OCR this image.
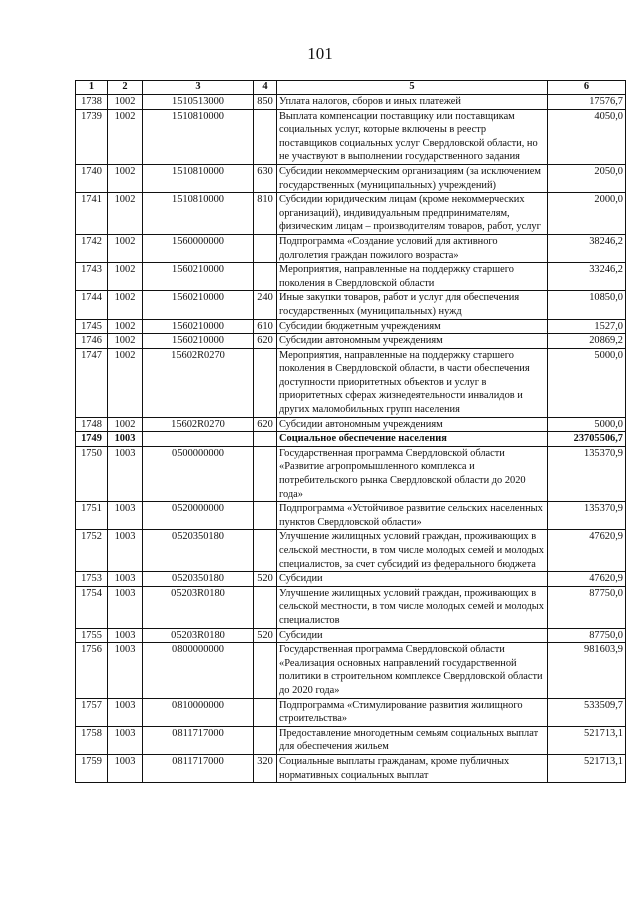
101
1	2	3	4	5	6
1738	1002	1510513000	850	Уплата налогов, сборов и иных платежей	17576,7
1739	1002	1510810000		Выплата компенсации поставщику или поставщикам социальных услуг, которые включены в реестр поставщиков социальных услуг Свердловской области, но не участвуют в выполнении государственного задания	4050,0
1740	1002	1510810000	630	Субсидии некоммерческим организациям (за исключением государственных (муниципальных) учреждений)	2050,0
1741	1002	1510810000	810	Субсидии юридическим лицам (кроме некоммерческих организаций), индивидуальным предпринимателям, физическим лицам – производителям товаров, работ, услуг	2000,0
1742	1002	1560000000		Подпрограмма «Создание условий для активного долголетия граждан пожилого возраста»	38246,2
1743	1002	1560210000		Мероприятия, направленные на поддержку старшего поколения в Свердловской области	33246,2
1744	1002	1560210000	240	Иные закупки товаров, работ и услуг для обеспечения государственных (муниципальных) нужд	10850,0
1745	1002	1560210000	610	Субсидии бюджетным учреждениям	1527,0
1746	1002	1560210000	620	Субсидии автономным учреждениям	20869,2
1747	1002	15602R0270		Мероприятия, направленные на поддержку старшего поколения в Свердловской области, в части обеспечения доступности приоритетных объектов и услуг в приоритетных сферах жизнедеятельности инвалидов и других маломобильных групп населения	5000,0
1748	1002	15602R0270	620	Субсидии автономным учреждениям	5000,0
1749	1003			Социальное обеспечение населения	23705506,7
1750	1003	0500000000		Государственная программа Свердловской области «Развитие агропромышленного комплекса и потребительского рынка Свердловской области до 2020 года»	135370,9
1751	1003	0520000000		Подпрограмма «Устойчивое развитие сельских населенных пунктов Свердловской области»	135370,9
1752	1003	0520350180		Улучшение жилищных условий граждан, проживающих в сельской местности, в том числе молодых семей и молодых специалистов, за счет субсидий из федерального бюджета	47620,9
1753	1003	0520350180	520	Субсидии	47620,9
1754	1003	05203R0180		Улучшение жилищных условий граждан, проживающих в сельской местности, в том числе молодых семей и молодых специалистов	87750,0
1755	1003	05203R0180	520	Субсидии	87750,0
1756	1003	0800000000		Государственная программа Свердловской области «Реализация основных направлений государственной политики в строительном комплексе Свердловской области до 2020 года»	981603,9
1757	1003	0810000000		Подпрограмма «Стимулирование развития жилищного строительства»	533509,7
1758	1003	0811717000		Предоставление многодетным семьям социальных выплат для обеспечения жильем	521713,1
1759	1003	0811717000	320	Социальные выплаты гражданам, кроме публичных нормативных социальных выплат	521713,1
